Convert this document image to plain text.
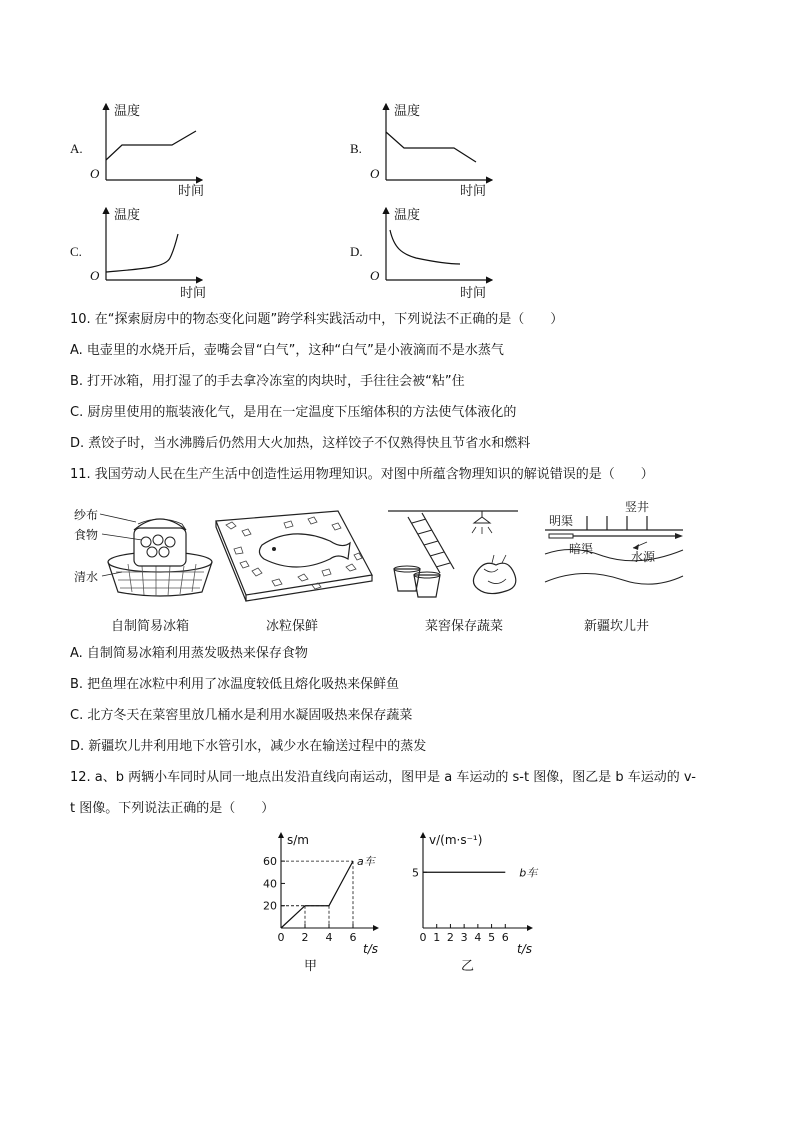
A.
O
温度
时间
B.
O
温度
时间
C.
O
温度
时间
D.
O
温度
时间
10. 在“探索厨房中的物态变化问题”跨学科实践活动中，下列说法不正确的是（　　）
A. 电壶里的水烧开后，壶嘴会冒“白气”，这种“白气”是小液滴而不是水蒸气
B. 打开冰箱，用打湿了的手去拿冷冻室的肉块时，手往往会被“粘”住
C. 厨房里使用的瓶装液化气，是用在一定温度下压缩体积的方法使气体液化的
D. 煮饺子时，当水沸腾后仍然用大火加热，这样饺子不仅熟得快且节省水和燃料
11. 我国劳动人民在生产生活中创造性运用物理知识。对图中所蕴含物理知识的解说错误的是（　　）
纱布
食物
清水
竖井
明渠
暗渠
水源
自制简易冰箱	冰粒保鲜	菜窖保存蔬菜	新疆坎儿井
A. 自制简易冰箱利用蒸发吸热来保存食物
B. 把鱼埋在冰粒中利用了冰温度较低且熔化吸热来保鲜鱼
C. 北方冬天在菜窖里放几桶水是利用水凝固吸热来保存蔬菜
D. 新疆坎儿井利用地下水管引水，减少水在输送过程中的蒸发
12. a、b 两辆小车同时从同一地点出发沿直线向南运动，图甲是 a 车运动的 s-t 图像，图乙是 b 车运动的 v-
t 图像。下列说法正确的是（　　）
s/m
t/s
0 2 4 6
20
40
60	a车
v/(m·s⁻¹)
t/s
0 1 2 3 4 5 6
5	b车
甲	乙
